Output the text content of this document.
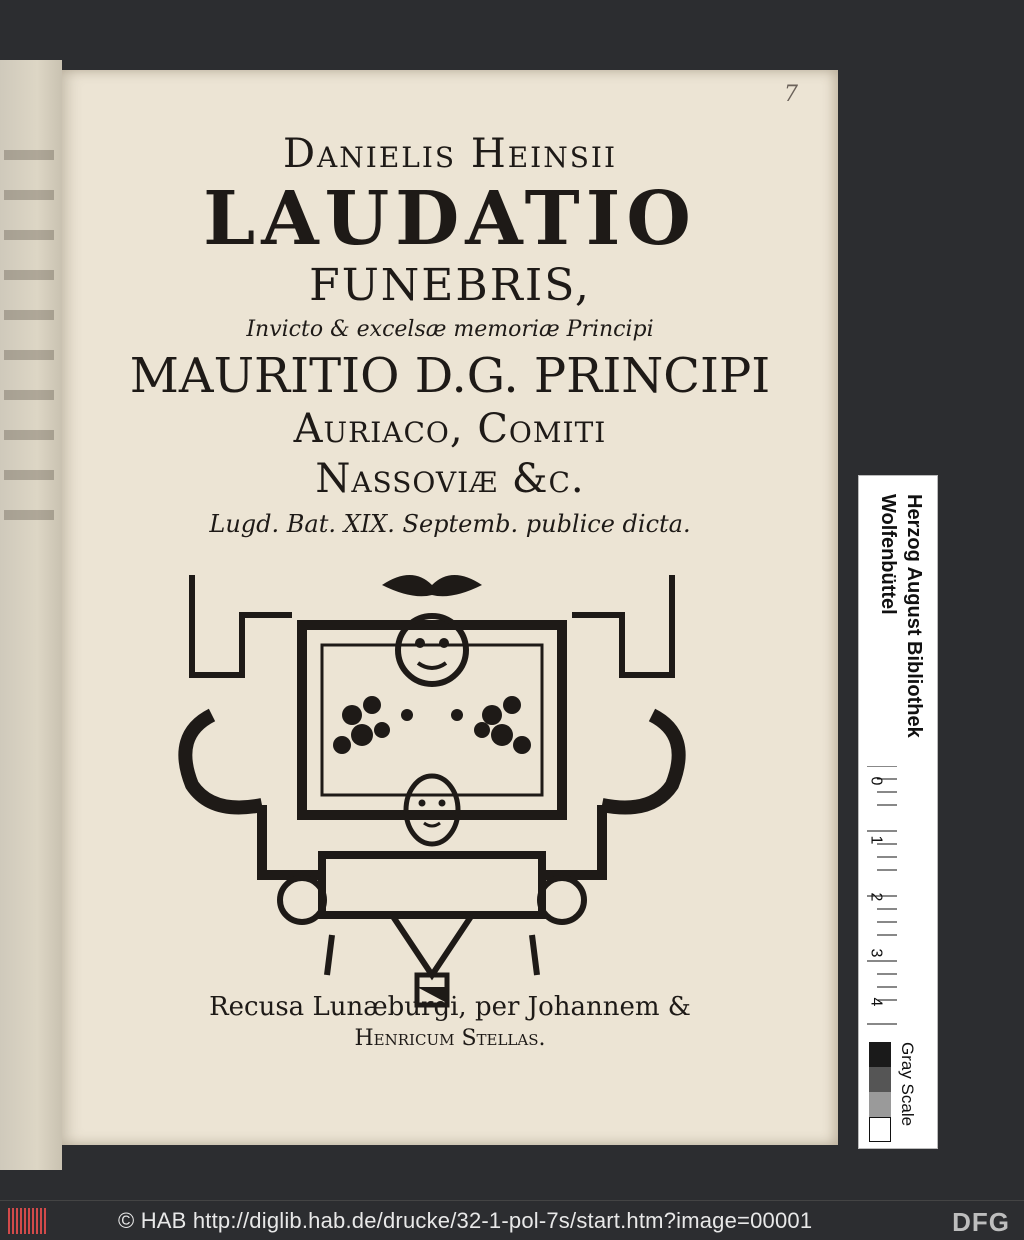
7
Danielis Heinsii
LAUDATIO
FUNEBRIS,
Invicto & excelsæ memoriæ Principi
MAURITIO D.G. PRINCIPI
Auriaco, Comiti
Nassoviæ &c.
Lugd. Bat. XIX. Septemb. publice dicta.
Recusa Lunæburgi, per Johannem &
Henricum Stellas.
Herzog August Bibliothek
Wolfenbüttel
0
1
2
3
4
Gray Scale
© HAB http://diglib.hab.de/drucke/32-1-pol-7s/start.htm?image=00001	DFG
